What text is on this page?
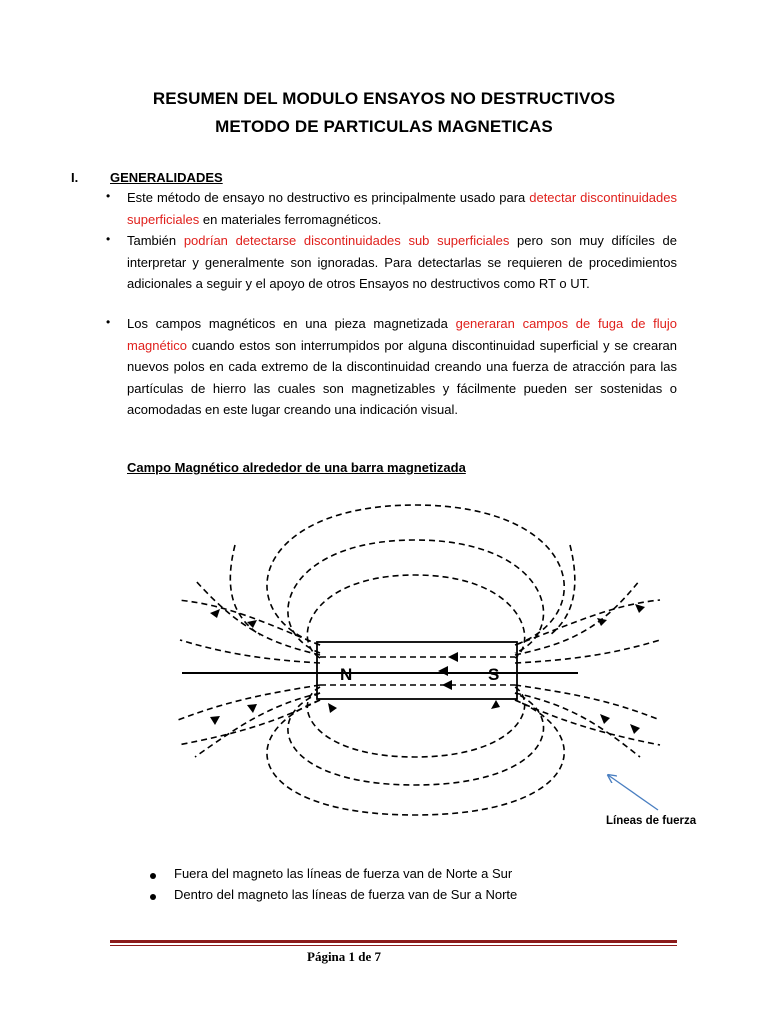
RESUMEN DEL MODULO ENSAYOS NO DESTRUCTIVOS
METODO DE PARTICULAS MAGNETICAS
I. GENERALIDADES
• Este método de ensayo no destructivo es principalmente usado para detectar discontinuidades superficiales en materiales ferromagnéticos.
• También podrían detectarse discontinuidades sub superficiales pero son muy difíciles de interpretar y generalmente son ignoradas. Para detectarlas se requieren de procedimientos adicionales a seguir y el apoyo de otros Ensayos no destructivos como RT o UT.
• Los campos magnéticos en una pieza magnetizada generaran campos de fuga de flujo magnético cuando estos son interrumpidos por alguna discontinuidad superficial y se crearan nuevos polos en cada extremo de la discontinuidad creando una fuerza de atracción para las partículas de hierro las cuales son magnetizables y fácilmente pueden ser sostenidas o acomodadas en este lugar creando una indicación visual.
Campo Magnético alrededor de una barra magnetizada
N	S
Líneas de fuerza
Fuera del magneto las líneas de fuerza van de Norte a Sur
Dentro del magneto las líneas de fuerza van de Sur a Norte
Página 1 de 7
